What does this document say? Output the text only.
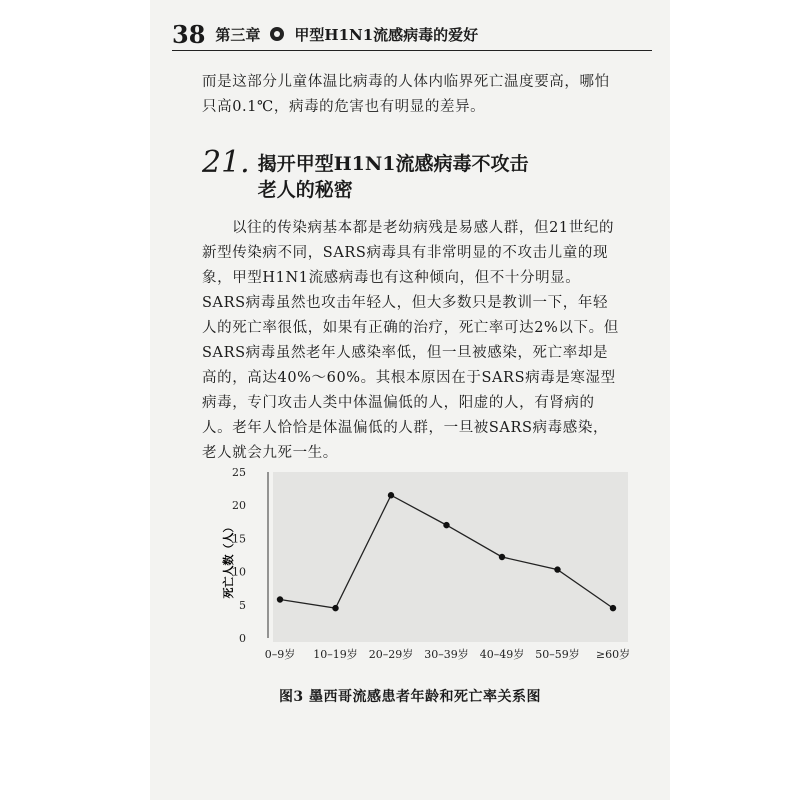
38 第三章 甲型H1N1流感病毒的爱好

而是这部分儿童体温比病毒的人体内临界死亡温度要高，哪怕只高0.1℃，病毒的危害也有明显的差异。

21. 揭开甲型H1N1流感病毒不攻击
老人的秘密

以往的传染病基本都是老幼病残是易感人群，但21世纪的新型传染病不同，SARS病毒具有非常明显的不攻击儿童的现象，甲型H1N1流感病毒也有这种倾向，但不十分明显。SARS病毒虽然也攻击年轻人，但大多数只是教训一下，年轻人的死亡率很低，如果有正确的治疗，死亡率可达2%以下。但SARS病毒虽然老年人感染率低，但一旦被感染，死亡率却是高的，高达40%～60%。其根本原因在于SARS病毒是寒湿型病毒，专门攻击人类中体温偏低的人，阳虚的人，有肾病的人。老年人恰恰是体温偏低的人群，一旦被SARS病毒感染，老人就会九死一生。

0
5
10
15
20
25
0–9岁 10–19岁 20–29岁 30–39岁 40–49岁 50–59岁 ≥60岁
死亡人数（人）
图3 墨西哥流感患者年龄和死亡率关系图
